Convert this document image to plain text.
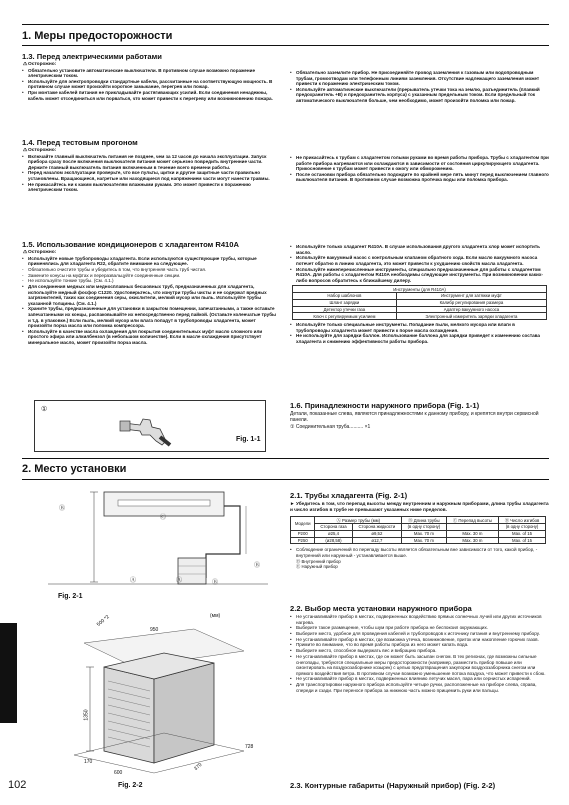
1. Меры предосторожности
1.3. Перед электрическими работами
⚠Осторожно:
• Обязательно установите автоматические выключатели. В противном случае возможно поражение электрическим током.
• Используйте для электропроводки стандартные кабели, рассчитанные на соответствующую мощность. В противном случае может произойти короткое замыкание, перегрев или пожар.
• При монтаже кабелей питания не прикладывайте растягивающих усилий. Если соединения ненадежны, кабель может отсоединиться или порваться, что может привести к перегреву или возникновению пожара.
• Обязательно заземлите прибор. Не присоединяйте провод заземления к газовым или водопроводным трубам, громоотводам или телефонным линиям заземления. Отсутствие надлежащего заземления может привести к поражению электрическим током.
• Используйте автоматические выключатели (прерыватель утечки тока на землю, разъединитель (плавкий предохранитель +B) и предохранитель корпуса) с указанным предельным током. Если предельный ток автоматического выключателя больше, чем необходимо, может произойти поломка или пожар.
1.4. Перед тестовым прогоном
⚠Осторожно:
• Включайте главный выключатель питания не позднее, чем за 12 часов до начала эксплуатации. Запуск прибора сразу после включения выключателя питания может серьезно повредить внутренние части. Держите главный выключатель питания включенным в течение всего времени работы.
• Перед началом эксплуатации проверьте, что все пульты, щитки и другие защитные части правильно установлены. Вращающиеся, нагретые или находящиеся под напряжением части могут нанести травмы.
• Не прикасайтесь ни к каким выключателям влажными руками. Это может привести к поражению электрическим током.
• Не прикасайтесь к трубам с хладагентом голыми руками во время работы прибора. Трубы с хладагентом при работе прибора нагреваются или охлаждаются в зависимости от состояния циркулирующего хладагента. Прикосновение к трубам может привести к ожогу или обморожению.
• После остановки прибора обязательно подождите по крайней мере пять минут перед выключением главного выключателя питания. В противном случае возможна протечка воды или поломка прибора.
1.5. Использование кондиционеров с хладагентом R410A
⚠Осторожно:
• Используйте новые трубопроводы хладагента. Если используются существующие трубы, которые применялись для хладагента R22, обратите внимание на следующее.
- Обязательно очистите трубы и убедитесь в том, что внутренняя часть труб чистая.
- Замените конусы на муфтах и переразвальцуйте соединенные секции.
- Не используйте тонкие трубы. (См. 4.1.)
• Для соединения медных или медносплавных бесшовных труб, предназначенных для хладагента, используйте медный фосфор C1220. Удостоверьтесь, что изнутри трубы чисты и не содержат вредных загрязнителей, таких как соединения серы, окислители, мелкий мусор или пыль. Используйте трубы указанной толщины. (См. 4.1.)
• Храните трубы, предназначенные для установки в закрытом помещении, запечатанными, а также оставьте запечатанными их концы, распаковывайте их непосредственно перед пайкой. (Оставьте коленчатые трубы и т.д. в упаковке.) Если пыль, мелкий мусор или влага попадут в трубопроводы хладагента, может произойти порча масла или поломка компрессора.
• Используйте в качестве масла охлаждения для покрытия соединительных муфт масло сложного или простого эфира или алкилбензол (в небольшом количестве). Если в масле охлаждения присутствует минеральное масло, может произойти порча масла.
• Используйте только хладагент R410A. В случае использования другого хладагента хлор может испортить масло.
• Используйте вакуумный насос с контрольным клапаном обратного хода. Если масло вакуумного насоса потечет обратно в линию хладагента, это может привести к ухудшению свойств масла хладагента.
• Используйте нижеперечисленные инструменты, специально предназначенные для работы с хладагентом R410A. Для работы с хладагентом R410A необходимы следующие инструменты. При возникновении каких-либо вопросов обратитесь к ближайшему дилеру.
Инструменты (для R410A)	
Набор шаблонов	Инструмент для затяжки муфт
Шланг зарядки	Калибр регулирования размера
Детектор утечки газа	Адаптер вакуумного насоса
Ключ с регулируемым усилием	Электронный измеритель зарядки хладагента
• Используйте только специальные инструменты. Попадание пыли, мелкого мусора или влаги в трубопроводы хладагента может привести к порче масла охлаждения.
• Не используйте для зарядки баллон. Использование баллона для зарядки приведет к изменению состава хладагента и снижению эффективности работы прибора.
①
Fig. 1-1
1.6. Принадлежности наружного прибора (Fig. 1-1)
Детали, показанные слева, являются принадлежностями к данному прибору, и крепятся внутри сервисной панели.
① Соединительная труба.......... ×1
2. Место установки
Ⓑ
Ⓒ
Ⓐ	Ⓑ
Ⓐ
Ⓑ
Fig. 2-1
(мм)
500 *2
950
1350
170
600
370
728
Fig. 2-2
2.1. Трубы хладагента (Fig. 2-1)
► Убедитесь в том, что перепад высоты между внутренним и наружным приборами, длина трубы хладагента и число изгибов в трубе не превышают указанных ниже пределов.
Модели	Ⓐ Размер трубы (мм)		Ⓑ Длина трубы	Ⓒ Перепад высоты	Ⓓ Число изгибов
	Сторона газа	Сторона жидкости	(в одну сторону)		(в одну сторону)
P200	ø25,4	ø9,52	Max. 70 m	Max. 30 m	Max. of 15
P250	(ø28,58)	ø12,7	Max. 70 m	Max. 30 m	Max. of 15
• Соблюдение ограничений по перепаду высоты является обязательным вне зависимости от того, какой прибор, - внутренний или наружный - устанавливается выше.
Ⓓ Внутренний прибор
Ⓔ Наружный прибор
2.2. Выбор места установки наружного прибора
• Не устанавливайте прибор в местах, подверженных воздействию прямых солнечных лучей или других источников нагрева.
• Выберите такое размещение, чтобы шум при работе прибора не беспокоил окружающих.
• Выберите место, удобное для проведения кабелей и трубопроводов к источнику питания и внутреннему прибору.
• Не устанавливайте прибор в местах, где возможна утечка, возникновение, приток или накопление горючих газов.
• Примите во внимание, что во время работы прибора из него может капать вода.
• Выберите место, способное выдержать вес и вибрацию прибора.
• Не устанавливайте прибор в местах, где он может быть засыпан снегом. В тех регионах, где возможны сильные снегопады, требуются специальные меры предосторожности (например, разместить прибор повыше или смонтировать на воздухозаборнике козырек) с целью предотвращения закупорки воздухозаборника снегом или прямого воздействия ветра. В противном случае возможно уменьшение потока воздуха, что может привести к сбою.
• Не устанавливайте прибор в местах, подверженных влиянию летучих масел, пара или сернистых испарений.
• Для транспортировки наружного прибора используйте четыре ручки, расположенные на приборе слева, справа, спереди и сзади. При переносе прибора за нижнюю часть можно прищемить руки или пальцы.
2.3. Контурные габариты (Наружный прибор) (Fig. 2-2)
102
